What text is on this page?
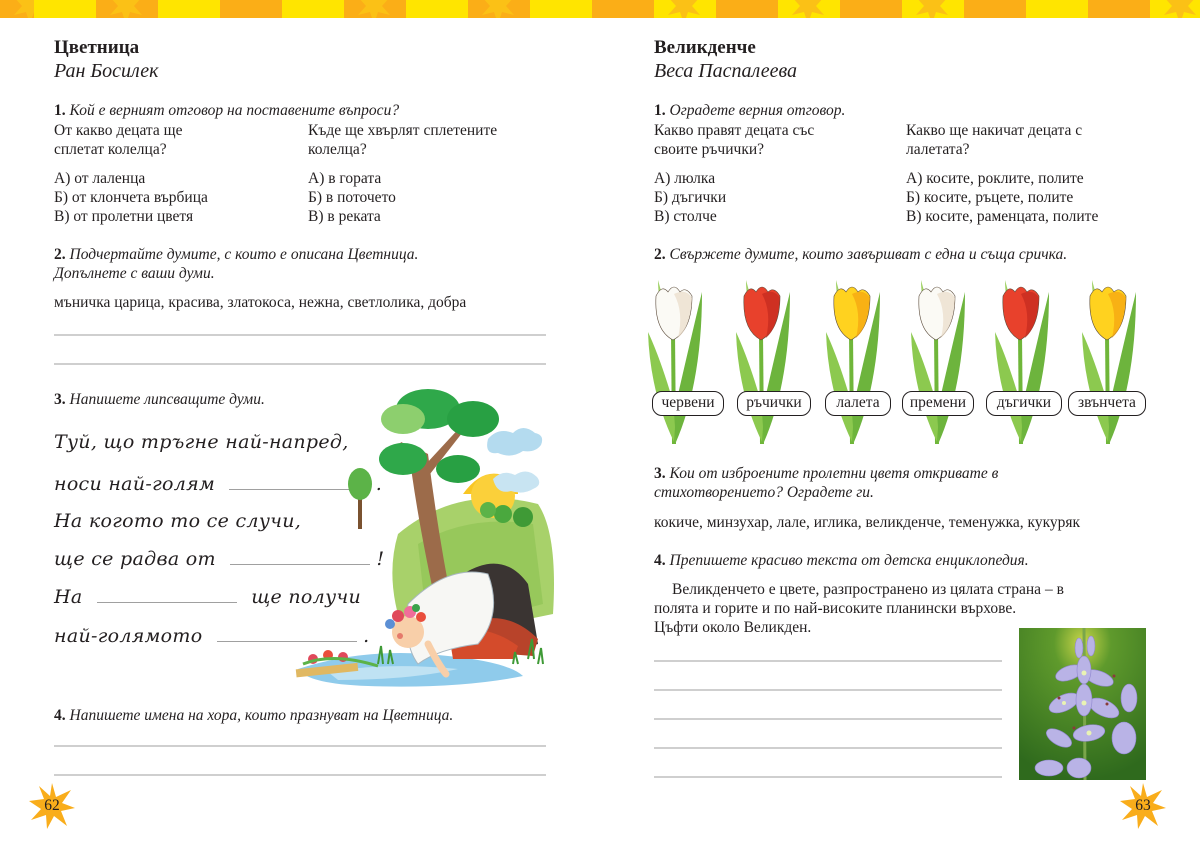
Цветница
Ран Босилек
1. Кой е верният отговор на поставените въпроси?
От какво децата ще
сплетат колелца?
А) от лаленца
Б) от клончета върбица
В) от пролетни цветя
Къде ще хвърлят сплетените
колелца?
А) в гората
Б) в поточето
В) в реката
2. Подчертайте думите, с които е описана Цветница.
Допълнете с ваши думи.
мъничка царица, красива, златокоса, нежна, светлолика, добра
3. Напишете липсващите думи.
Туй, що тръгне най-напред,
носи най-голям	.
На когото то се случи,
ще се радва от	!
На	ще получи
най-голямото	.
4. Напишете имена на хора, които празнуват на Цветница.
62
Великденче
Веса Паспалеева
1. Оградете верния отговор.
Какво правят децата със
своите ръчички?
А) люлка
Б) дъгички
В) столче
Какво ще накичат децата с
лалетата?
А) косите, роклите, полите
Б) косите, ръцете, полите
В) косите, раменцата, полите
2. Свържете думите, които завършват с една и съща сричка.
червени	ръчички	лалета	премени	дъгички	звънчета
3. Кои от изброените пролетни цветя откривате в
стихотворението? Оградете ги.
кокиче, минзухар, лале, иглика, великденче, теменужка, кукуряк
4. Препишете красиво текста от детска енциклопедия.
Великденчето е цвете, разпространено из цялата страна – в
полята и горите и по най-високите планински върхове.
Цъфти около Великден.
63
